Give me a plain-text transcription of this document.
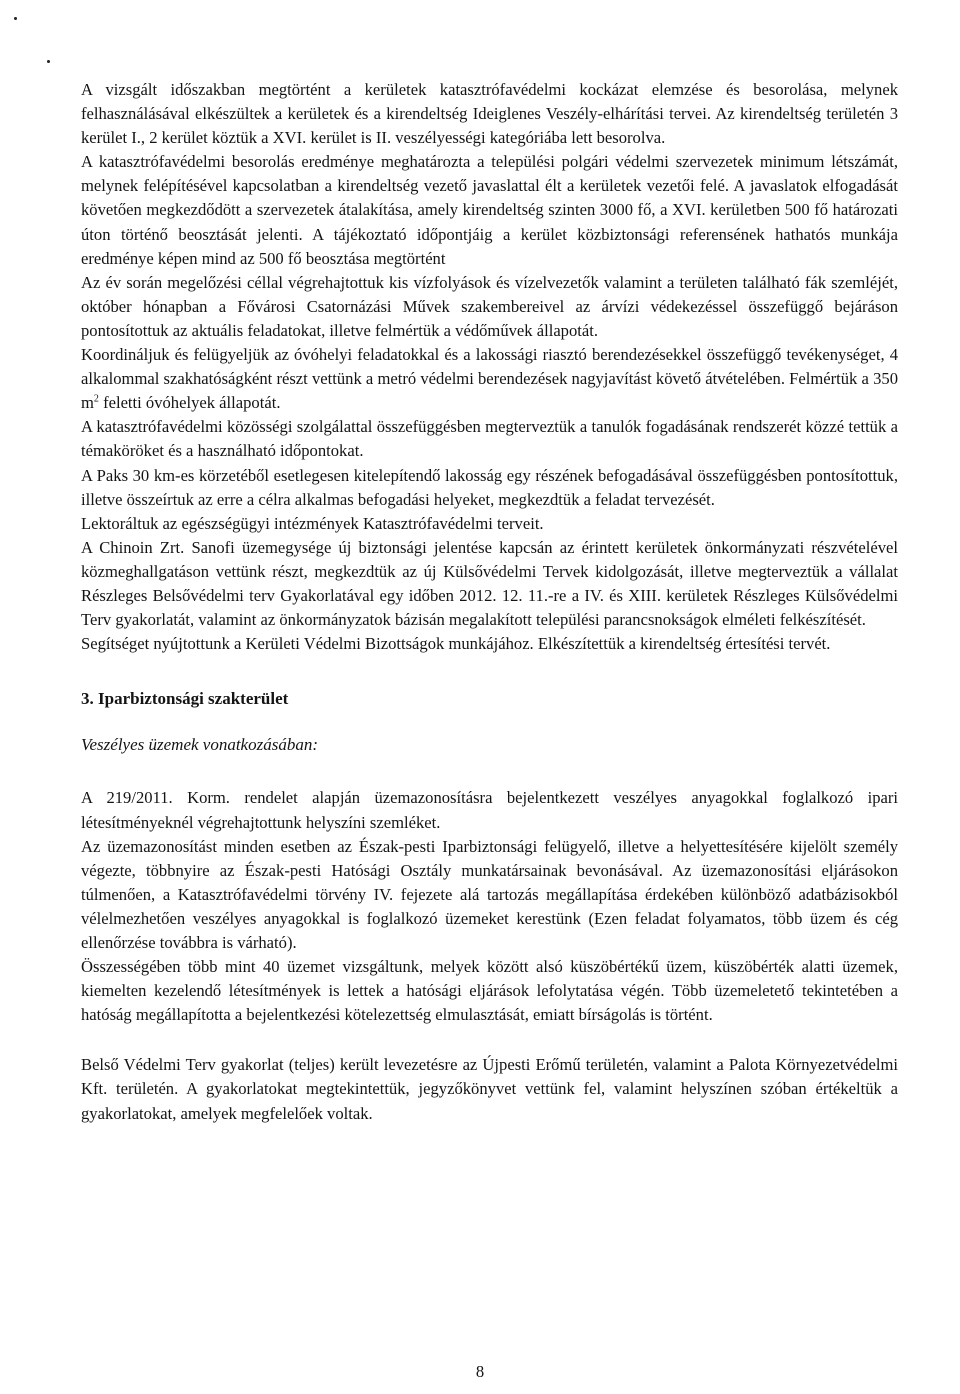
A vizsgált időszakban megtörtént a kerületek katasztrófavédelmi kockázat elemzése és besorolása, melynek felhasználásával elkészültek a kerületek és a kirendeltség Ideiglenes Veszély-elhárítási tervei. Az kirendeltség területén 3 kerület I., 2 kerület köztük a XVI. kerület is II. veszélyességi kategóriába lett besorolva.

A katasztrófavédelmi besorolás eredménye meghatározta a települési polgári védelmi szervezetek minimum létszámát, melynek felépítésével kapcsolatban a kirendeltség vezető javaslattal élt a kerületek vezetői felé. A javaslatok elfogadását követően megkezdődött a szervezetek átalakítása, amely kirendeltség szinten 3000 fő, a XVI. kerületben 500 fő határozati úton történő beosztását jelenti. A tájékoztató időpontjáig a kerület közbiztonsági referensének hathatós munkája eredménye képen mind az 500 fő beosztása megtörtént

Az év során megelőzési céllal végrehajtottuk kis vízfolyások és vízelvezetők valamint a területen található fák szemléjét, október hónapban a Fővárosi Csatornázási Művek szakembereivel az árvízi védekezéssel összefüggő bejáráson pontosítottuk az aktuális feladatokat, illetve felmértük a védőművek állapotát.

Koordináljuk és felügyeljük az óvóhelyi feladatokkal és a lakossági riasztó berendezésekkel összefüggő tevékenységet, 4 alkalommal szakhatóságként részt vettünk a metró védelmi berendezések nagyjavítást követő átvételében. Felmértük a 350 $m^2$ feletti óvóhelyek állapotát.

A katasztrófavédelmi közösségi szolgálattal összefüggésben megterveztük a tanulók fogadásának rendszerét közzé tettük a témaköröket és a használható időpontokat.

A Paks 30 km-es körzetéből esetlegesen kitelepítendő lakosság egy részének befogadásával összefüggésben pontosítottuk, illetve összeírtuk az erre a célra alkalmas befogadási helyeket, megkezdtük a feladat tervezését.

Lektoráltuk az egészségügyi intézmények Katasztrófavédelmi terveit.

A Chinoin Zrt. Sanofi üzemegysége új biztonsági jelentése kapcsán az érintett kerületek önkormányzati részvételével közmeghallgatáson vettünk részt, megkezdtük az új Külsővédelmi Tervek kidolgozását, illetve megterveztük a vállalat Részleges Belsővédelmi terv Gyakorlatával egy időben 2012. 12. 11.-re a IV. és XIII. kerületek Részleges Külsővédelmi Terv gyakorlatát, valamint az önkormányzatok bázisán megalakított települési parancsnokságok elméleti felkészítését.

Segítséget nyújtottunk a Kerületi Védelmi Bizottságok munkájához. Elkészítettük a kirendeltség értesítési tervét.

3. Iparbiztonsági szakterület

Veszélyes üzemek vonatkozásában:

A 219/2011. Korm. rendelet alapján üzemazonosításra bejelentkezett veszélyes anyagokkal foglalkozó ipari létesítményeknél végrehajtottunk helyszíni szemléket.

Az üzemazonosítást minden esetben az Észak-pesti Iparbiztonsági felügyelő, illetve a helyettesítésére kijelölt személy végezte, többnyire az Észak-pesti Hatósági Osztály munkatársainak bevonásával. Az üzemazonosítási eljárásokon túlmenően, a Katasztrófavédelmi törvény IV. fejezete alá tartozás megállapítása érdekében különböző adatbázisokból vélelmezhetően veszélyes anyagokkal is foglalkozó üzemeket kerestünk (Ezen feladat folyamatos, több üzem és cég ellenőrzése továbbra is várható).

Összességében több mint 40 üzemet vizsgáltunk, melyek között alsó küszöbértékű üzem, küszöbérték alatti üzemek, kiemelten kezelendő létesítmények is lettek a hatósági eljárások lefolytatása végén. Több üzemeletető tekintetében a hatóság megállapította a bejelentkezési kötelezettség elmulasztását, emiatt bírságolás is történt.

Belső Védelmi Terv gyakorlat (teljes) került levezetésre az Újpesti Erőmű területén, valamint a Palota Környezetvédelmi Kft. területén. A gyakorlatokat megtekintettük, jegyzőkönyvet vettünk fel, valamint helyszínen szóban értékeltük a gyakorlatokat, amelyek megfelelőek voltak.

8
